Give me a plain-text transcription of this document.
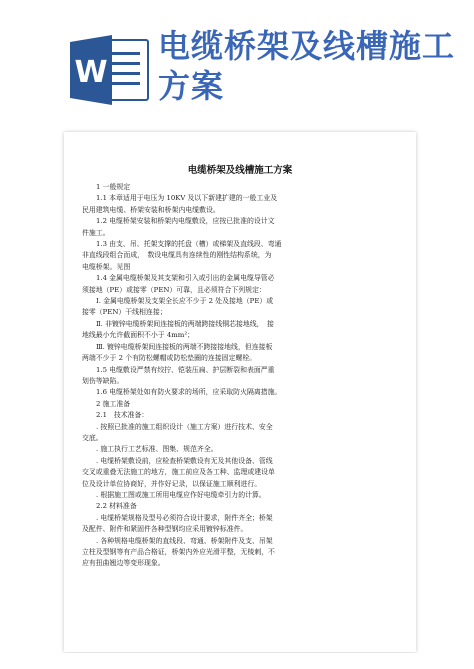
W
电缆桥架及线槽施工方案
电缆桥架及线槽施工方案

1 一般规定

1.1 本章适用于电压为 10KV 及以下新建扩建的一般工业及

民用建筑电缆、桥架安装和桥架内电缆敷设。

1.2 电缆桥架安装和桥架内电缆敷设，应按已批准的设计文

件施工。

1.3 由支、吊、托架支撑的托盘（槽）或梯架及直线段、弯通

非直线段组合而成，　数设电缆具有连续性的刚性结构系统，为

电缆桥架。见图

1.4 金属电缆桥架及其支架和引入或引出的金属电缆导管必

须接地（PE）或接零（PEN）可靠，且必须符合下列规定：

Ⅰ. 金属电缆桥架及支架全长应不少于 2 处及接地（PE）或

接零（PEN）干线相连接；

Ⅱ. 非镀锌电缆桥架间连接板的两端跨接线铜芯接地线，　接

地线最小允许截面积不小于 4mm²；

Ⅲ. 镀锌电缆桥架间连接板的两端不跨接接地线，但连接板

两端不少于 2 个有防松螺帽或防松垫圈的连接固定螺栓。

1.5 电缆敷设严禁有绞拧、铠装压扁、护层断裂和表面严重

划伤等缺陷。

1.6 电缆桥架处如有防火要求的场所，应采取防火隔离措施。

2 施工准备

2.1　技术准备：

. 按照已批准的施工组织设计（施工方案）进行技术、安全

交底。

. 施工执行工艺标准、图集、规范齐全。

. 电缆桥架敷设前，应检查桥架敷设有无及其他设备、管线

交叉或重叠无法施工的地方，施工前应及各工种、监理或建设单

位及设计单位协商好，并作好记录，以保证施工顺利进行。

. 根据施工图或施工所用电缆应作好电缆牵引力的计算。

2.2 材料准备

. 电缆桥架规格及型号必须符合设计要求，附件齐全；桥架

及配件、附件和紧固件各种型钢均应采用镀锌标准件。

. 各种规格电缆桥架的直线段、弯通、桥架附件及支、吊架

立柱及型钢等有产品合格证，桥架内外应光滑平整，无棱刺，不

应有扭曲翘边等变形现象。
